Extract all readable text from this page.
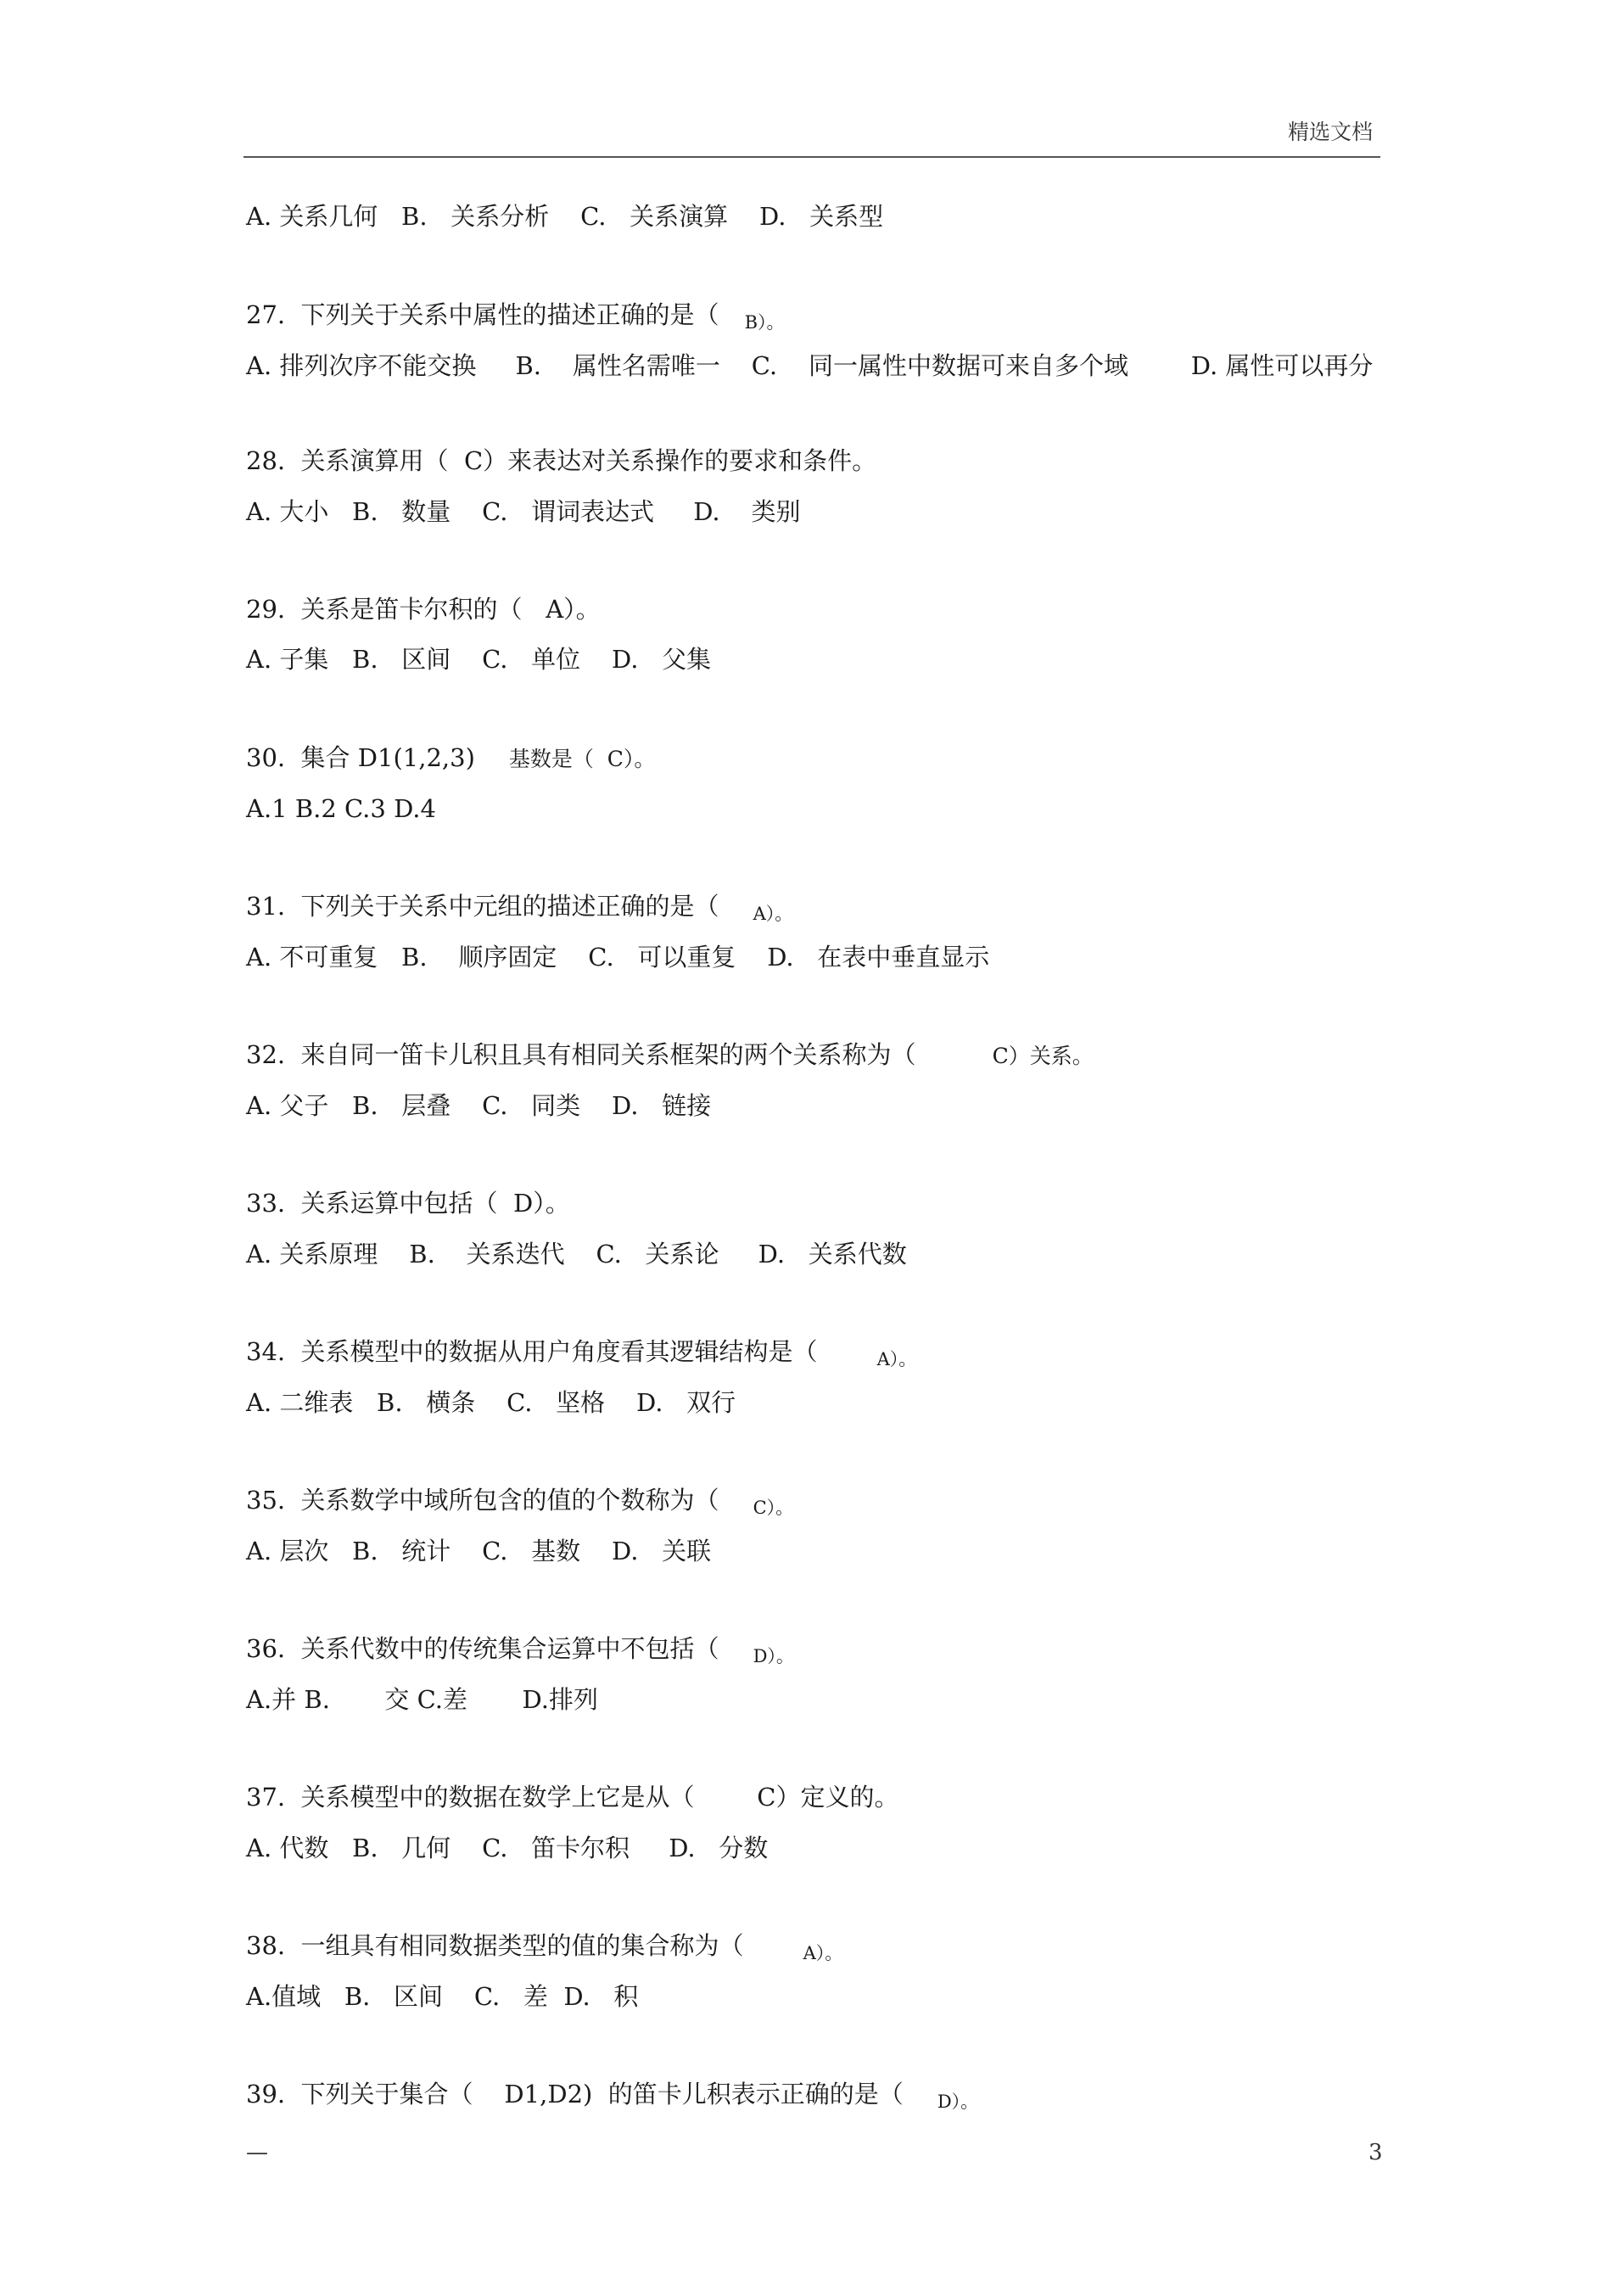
精选文档
A. 关系几何   B.   关系分析    C.   关系演算    D.   关系型
27.  下列关于关系中属性的描述正确的是（ $_{B)。}$
A. 排列次序不能交换     B.    属性名需唯一    C.    同一属性中数据可来自多个域        D. 属性可以再分
28.  关系演算用（  C）来表达对关系操作的要求和条件。
A. 大小   B.   数量    C.   谓词表达式     D.    类别
29.  关系是笛卡尔积的（   A）。
A. 子集   B.   区间    C.   单位    D.   父集
30.  集合 D1(1,2,3) 基数是（  C）。
A.1 B.2 C.3 D.4
31.  下列关于关系中元组的描述正确的是（ $_{A)。}$
A. 不可重复   B.    顺序固定    C.   可以重复    D.   在表中垂直显示
32.  来自同一笛卡儿积且具有相同关系框架的两个关系称为（	C）关系。
A. 父子   B.   层叠    C.   同类    D.   链接
33.  关系运算中包括（  D）。
A. 关系原理    B.    关系迭代    C.   关系论     D.   关系代数
34.  关系模型中的数据从用户角度看其逻辑结构是（	$_{A)。}$
A. 二维表   B.   横条    C.   坚格    D.   双行
35.  关系数学中域所包含的值的个数称为（ $_{C)。}$
A. 层次   B.   统计    C.   基数    D.   关联
36.  关系代数中的传统集合运算中不包括（ $_{D)。}$
A.并 B.       交 C.差       D.排列
37.  关系模型中的数据在数学上它是从（        C）定义的。
A. 代数   B.   几何    C.   笛卡尔积     D.   分数
38.  一组具有相同数据类型的值的集合称为（	$_{A)。}$
A.值域   B.   区间    C.   差  D.   积
39.  下列关于集合（    D1,D2)  的笛卡儿积表示正确的是（ $_{D)。}$
—	3
